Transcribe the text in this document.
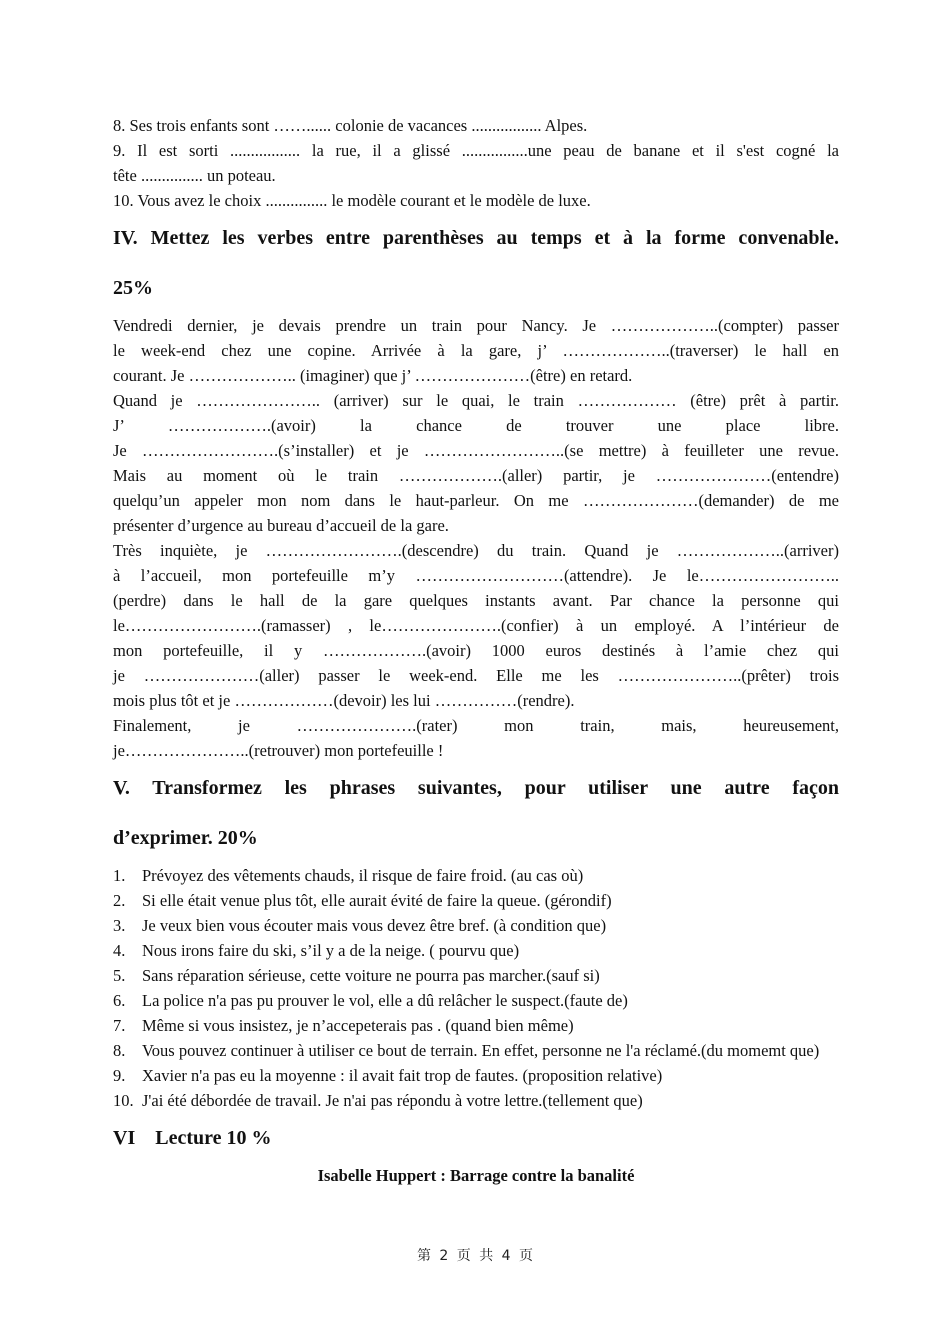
8. Ses trois enfants sont ……...... colonie de vacances ................. Alpes.

9. Il est sorti ................. la rue, il a glissé ................une peau de banane et il s'est cogné la

tête ............... un poteau.

10. Vous avez le choix ............... le modèle courant et le modèle de luxe.

IV. Mettez les verbes entre parenthèses au temps et à la forme convenable.

25%

Vendredi dernier, je devais prendre un train pour Nancy. Je ………………..(compter) passer

le week-end chez une copine. Arrivée à la gare, j’ ………………..(traverser) le hall en

courant. Je ……………….. (imaginer) que j’ …………………(être) en retard.

Quand je ………………….. (arriver) sur le quai, le train ……………… (être) prêt à partir.

J’ ……………….(avoir) la chance de trouver une place libre.

Je …………………….(s’installer) et je ……………………..(se mettre) à feuilleter une revue.

Mais au moment où le train ……………….(aller) partir, je …………………(entendre)

quelqu’un appeler mon nom dans le haut-parleur. On me …………………(demander) de me

présenter d’urgence au bureau d’accueil de la gare.

Très inquiète, je …………………….(descendre) du train. Quand je ………………..(arriver)

à l’accueil, mon portefeuille m’y ………………………(attendre). Je le……………………..

(perdre) dans le hall de la gare quelques instants avant. Par chance la personne qui

le…………………….(ramasser) , le………………….(confier) à un employé. A l’intérieur de

mon portefeuille, il y ……………….(avoir) 1000 euros destinés à l’amie chez qui

je …………………(aller) passer le week-end. Elle me les …………………..(prêter) trois

mois plus tôt et je ………………(devoir) les lui ……………(rendre).

Finalement, je ………………….(rater) mon train, mais, heureusement,

je…………………..(retrouver) mon portefeuille !

V. Transformez les phrases suivantes, pour utiliser une autre façon

d’exprimer. 20%

1. Prévoyez des vêtements chauds, il risque de faire froid. (au cas où)
2. Si elle était venue plus tôt, elle aurait évité de faire la queue. (gérondif)
3. Je veux bien vous écouter mais vous devez être bref. (à condition que)
4. Nous irons faire du ski, s’il y a de la neige. ( pourvu que)
5. Sans réparation sérieuse, cette voiture ne pourra pas marcher.(sauf si)
6. La police n'a pas pu prouver le vol, elle a dû relâcher le suspect.(faute de)
7. Même si vous insistez, je n’accepeterais pas . (quand bien même)
8. Vous pouvez continuer à utiliser ce bout de terrain. En effet, personne ne l'a réclamé.(du momemt que)
9. Xavier n'a pas eu la moyenne : il avait fait trop de fautes. (proposition relative)
10. J'ai été débordée de travail. Je n'ai pas répondu à votre lettre.(tellement que)

VI    Lecture 10 %

Isabelle Huppert : Barrage contre la banalité

第 2 页 共 4 页
